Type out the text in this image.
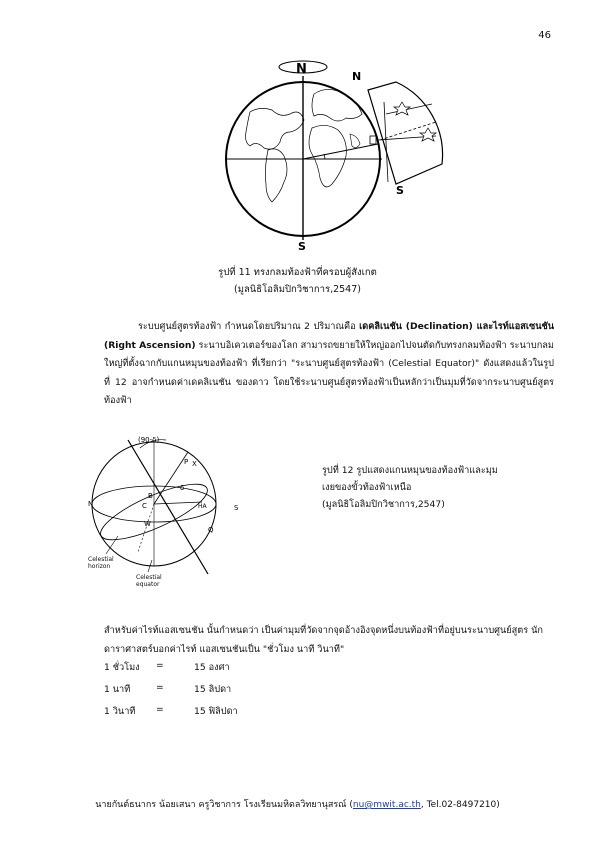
46
N	N
S
S
รูปที่ 11 ทรงกลมท้องฟ้าที่ครอบผู้สังเกต
(มูลนิธิโอลิมปิกวิชาการ,2547)
ระบบศูนย์สูตรท้องฟ้า กำหนดโดยปริมาณ 2 ปริมาณคือ เดคลิเนชัน (Declination) และไรท์แอสเซนชัน (Right Ascension) ระนาบอิเควเตอร์ของโลก สามารถขยายให้ใหญ่ออกไปจนตัดกับทรงกลมท้องฟ้า ระนาบกลมใหญ่ที่ตั้งฉากกับแกนหมุนของท้องฟ้า ที่เรียกว่า "ระนาบศูนย์สูตรท้องฟ้า (Celestial Equator)" ดังแสดงแล้วในรูปที่ 12 อาจกำหนดค่าเดคลิเนชัน ของดาว โดยใช้ระนาบศูนย์สูตรท้องฟ้าเป็นหลักว่าเป็นมุมที่วัดจากระนาบศูนย์สูตรท้องฟ้า
(90-δ)
X
P
N	S
W
Q
B
C	HA
δ
Celestial horizon
Celestial equator
รูปที่ 12 รูปแสดงแกนหมุนของท้องฟ้าและมุม
เงยของขั้วท้องฟ้าเหนือ
(มูลนิธิโอลิมปิกวิชาการ,2547)
สำหรับค่าไรท์แอสเซนชัน นั้นกำหนดว่า เป็นค่ามุมที่วัดจากจุดอ้างอิงจุดหนึ่งบนท้องฟ้าที่อยู่บนระนาบศูนย์สูตร นักดาราศาสตร์บอกค่าไรท์ แอสเซนชันเป็น "ชั่วโมง นาที วินาที"
1 ชั่วโมง =	15 องศา
1 นาที	=	15 ลิปดา
1 วินาที =	15 ฟิลิปดา
นายกันต์ธนากร น้อยเสนา ครูวิชาการ โรงเรียนมหิดลวิทยานุสรณ์ (nu@mwit.ac.th, Tel.02-8497210)
